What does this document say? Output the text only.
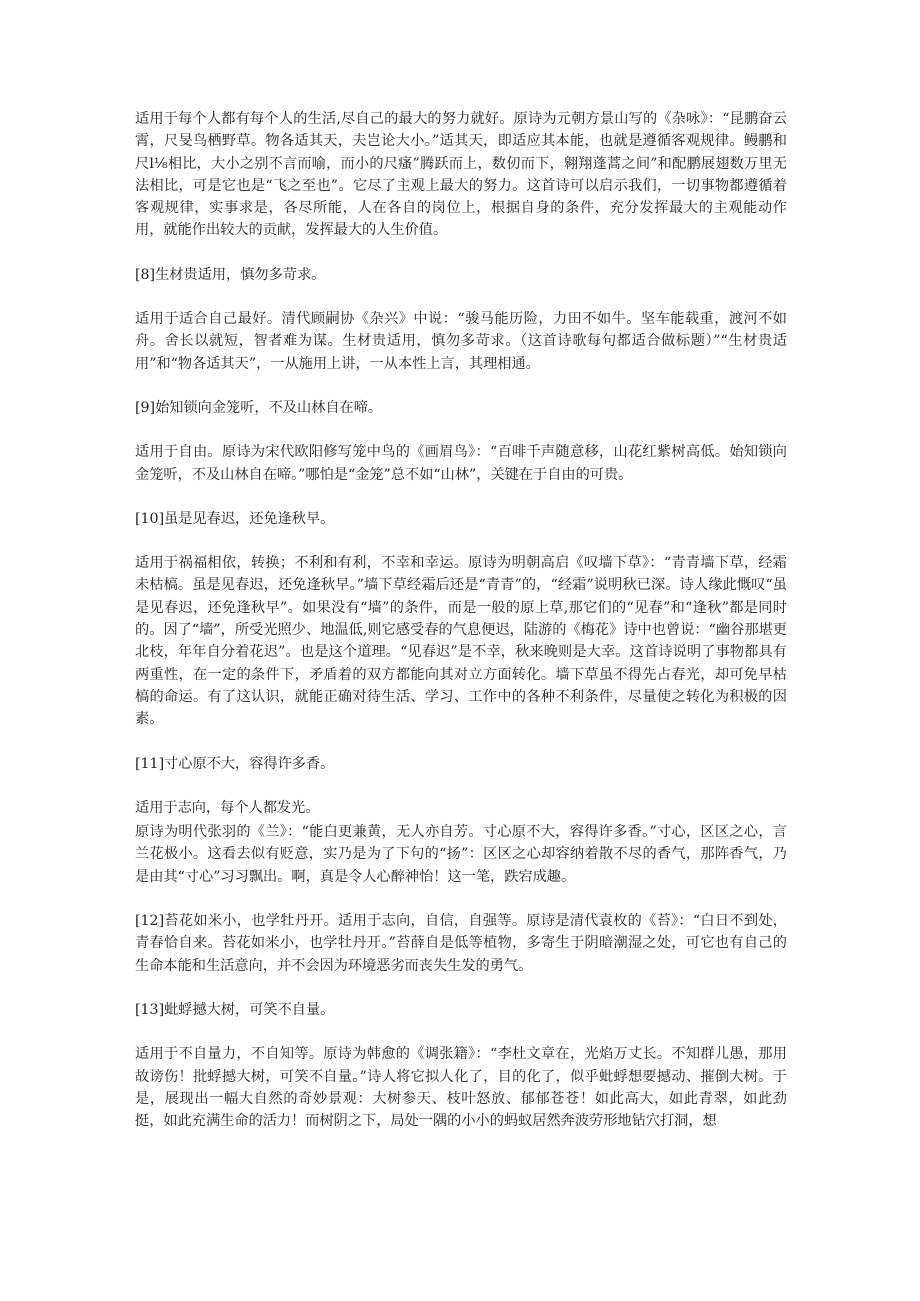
适用于每个人都有每个人的生活,尽自己的最大的努力就好。原诗为元朝方景山写的《杂咏》：“昆鹏奋云霄，尺旻鸟栖野草。物各适其天，夫岂论大小。”适其天，即适应其本能，也就是遵循客观规律。鳗鹏和尺l⅛相比，大小之别不言而喻，而小的尺瘙”腾跃而上，数仞而下，翱翔蓬蒿之间”和配鹏展翅数万里无法相比，可是它也是“飞之至也”。它尽了主观上最大的努力。这首诗可以启示我们，一切事物都遵循着客观规律，实事求是，各尽所能，人在各自的岗位上，根据自身的条件，充分发挥最大的主观能动作用，就能作出较大的贡献，发挥最大的人生价值。

[8]生材贵适用，慎勿多苛求。

适用于适合自己最好。清代顾嗣协《杂兴》中说：“骏马能历险，力田不如牛。坚车能载重，渡河不如舟。舍长以就短，智者难为谋。生材贵适用，慎勿多苛求。（这首诗歌每句都适合做标题）”“生材贵适用”和“物各适其天”，一从施用上讲，一从本性上言，其理相通。

[9]始知锁向金笼听，不及山林自在啼。

适用于自由。原诗为宋代欧阳修写笼中鸟的《画眉鸟》：“百啡千声随意移，山花红紫树高低。始知锁向金笼听，不及山林自在啼。”哪怕是“金笼”总不如“山林”，关键在于自由的可贵。

[10]虽是见春迟，还免逢秋早。

适用于祸福相依，转换；不利和有利，不幸和幸运。原诗为明朝高启《叹墙下草》：“青青墙下草，经霜未枯槁。虽是见春迟，还免逢秋早。”墙下草经霜后还是“青青”的，“经霜”说明秋已深。诗人缘此慨叹“虽是见春迟，还免逢秋早”。如果没有“墙”的条件，而是一般的原上草,那它们的“见春”和“逢秋”都是同时的。因了“墙”，所受光照少、地温低,则它感受春的气息便迟，陆游的《梅花》诗中也曾说：“幽谷那堪更北枝，年年自分着花迟”。也是这个道理。“见春迟”是不幸，秋来晚则是大幸。这首诗说明了事物都具有两重性，在一定的条件下，矛盾着的双方都能向其对立方面转化。墙下草虽不得先占春光，却可免早枯槁的命运。有了这认识，就能正确对待生活、学习、工作中的各种不利条件，尽量使之转化为积极的因素。

[11]寸心原不大，容得许多香。

适用于志向，每个人都发光。

原诗为明代张羽的《兰》：“能白更兼黄，无人亦自芳。寸心原不大，容得许多香。”寸心，区区之心，言兰花极小。这看去似有贬意，实乃是为了下句的“扬”：区区之心却容纳着散不尽的香气，那阵香气，乃是由其“寸心”习习飘出。啊，真是令人心醉神怡！这一笔，跌宕成趣。

[12]苔花如米小，也学牡丹开。适用于志向，自信，自强等。原诗是清代袁枚的《苔》：“白日不到处，青春恰自来。苔花如米小，也学牡丹开。”苔薛自是低等植物，多寄生于阴暗潮湿之处，可它也有自己的生命本能和生活意向，并不会因为环境恶劣而丧失生发的勇气。

[13]蚍蜉撼大树，可笑不自量。

适用于不自量力，不自知等。原诗为韩愈的《调张籍》：“李杜文章在，光焰万丈长。不知群儿愚，那用故谤伤！批蜉撼大树，可笑不自量。”诗人将它拟人化了，目的化了，似乎蚍蜉想要撼动、摧倒大树。于是，展现出一幅大自然的奇妙景观：大树参天、枝叶怒放、郁郁苍苍！如此高大，如此青翠，如此劲挺，如此充满生命的活力！而树阴之下，局处一隅的小小的蚂蚁居然奔波劳形地钻穴打洞，想
